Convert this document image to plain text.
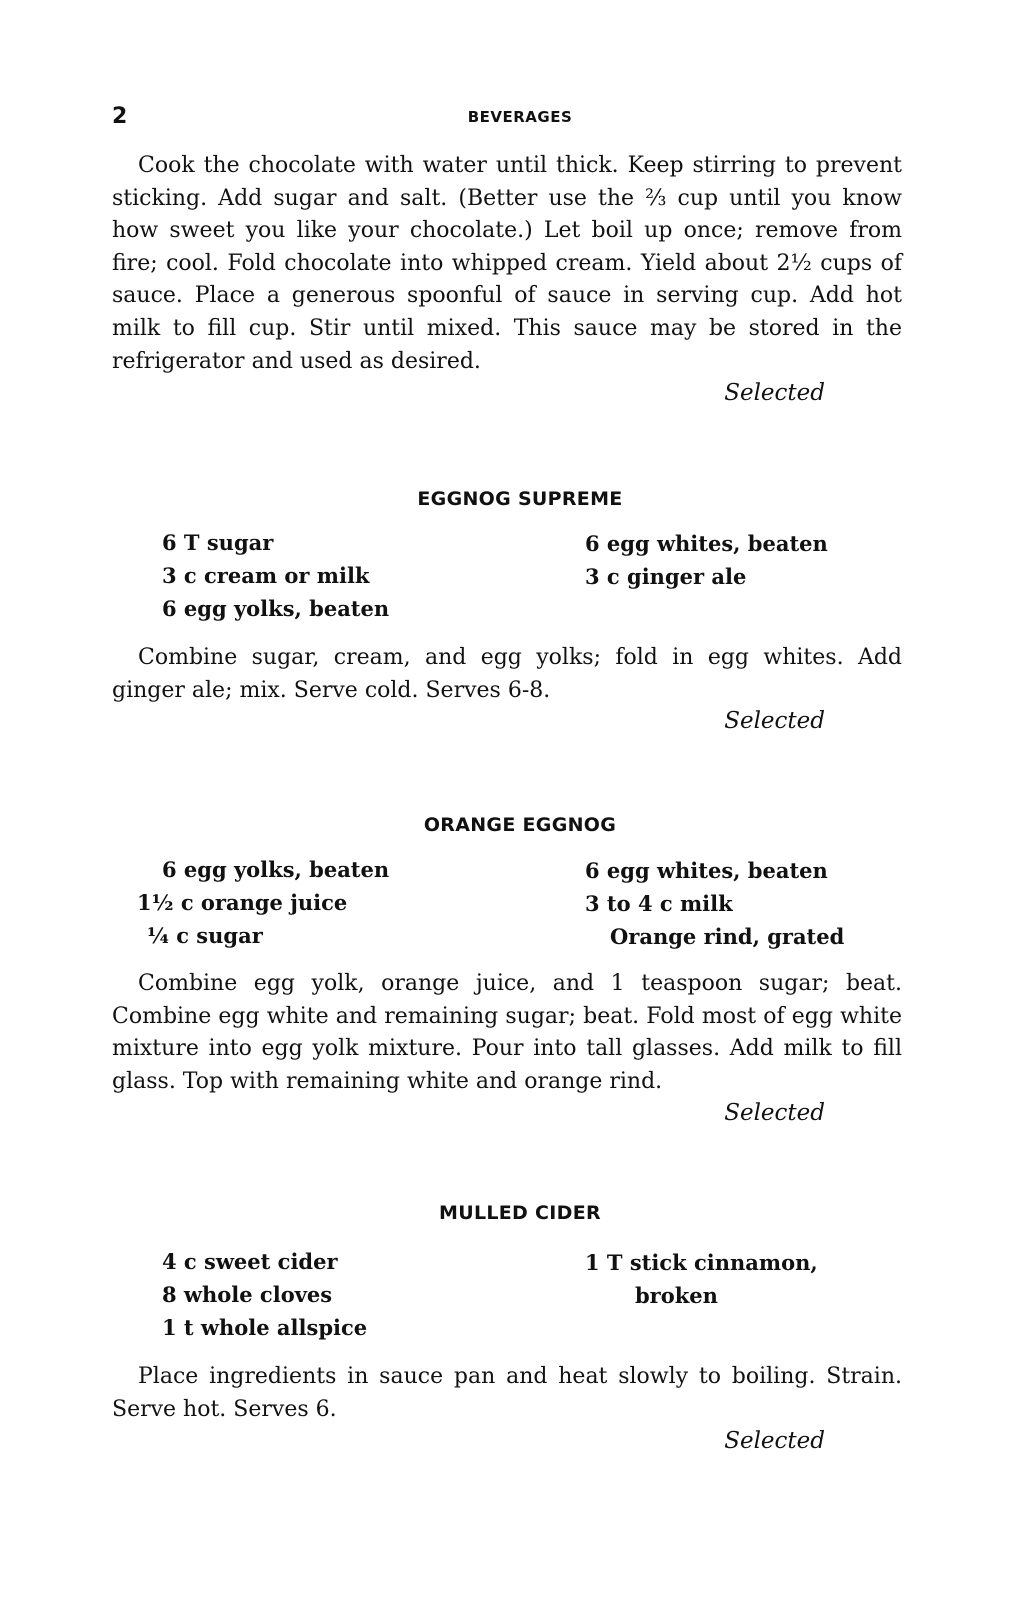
2	BEVERAGES

Cook the chocolate with water until thick. Keep stirring to prevent sticking. Add sugar and salt. (Better use the ⅔ cup until you know how sweet you like your chocolate.) Let boil up once; remove from fire; cool. Fold chocolate into whipped cream. Yield about 2½ cups of sauce. Place a generous spoonful of sauce in serving cup. Add hot milk to fill cup. Stir until mixed. This sauce may be stored in the refrigerator and used as desired.

Selected
EGGNOG SUPREME
6 T sugar
3 c cream or milk
6 egg yolks, beaten
6 egg whites, beaten
3 c ginger ale

Combine sugar, cream, and egg yolks; fold in egg whites. Add ginger ale; mix. Serve cold. Serves 6-8.

Selected
ORANGE EGGNOG
6 egg yolks, beaten
1½ c orange juice
¼ c sugar
6 egg whites, beaten
3 to 4 c milk
Orange rind, grated

Combine egg yolk, orange juice, and 1 teaspoon sugar; beat. Combine egg white and remaining sugar; beat. Fold most of egg white mixture into egg yolk mixture. Pour into tall glasses. Add milk to fill glass. Top with remaining white and orange rind.

Selected
MULLED CIDER
4 c sweet cider
8 whole cloves
1 t whole allspice
1 T stick cinnamon,
broken

Place ingredients in sauce pan and heat slowly to boiling. Strain. Serve hot. Serves 6.

Selected
